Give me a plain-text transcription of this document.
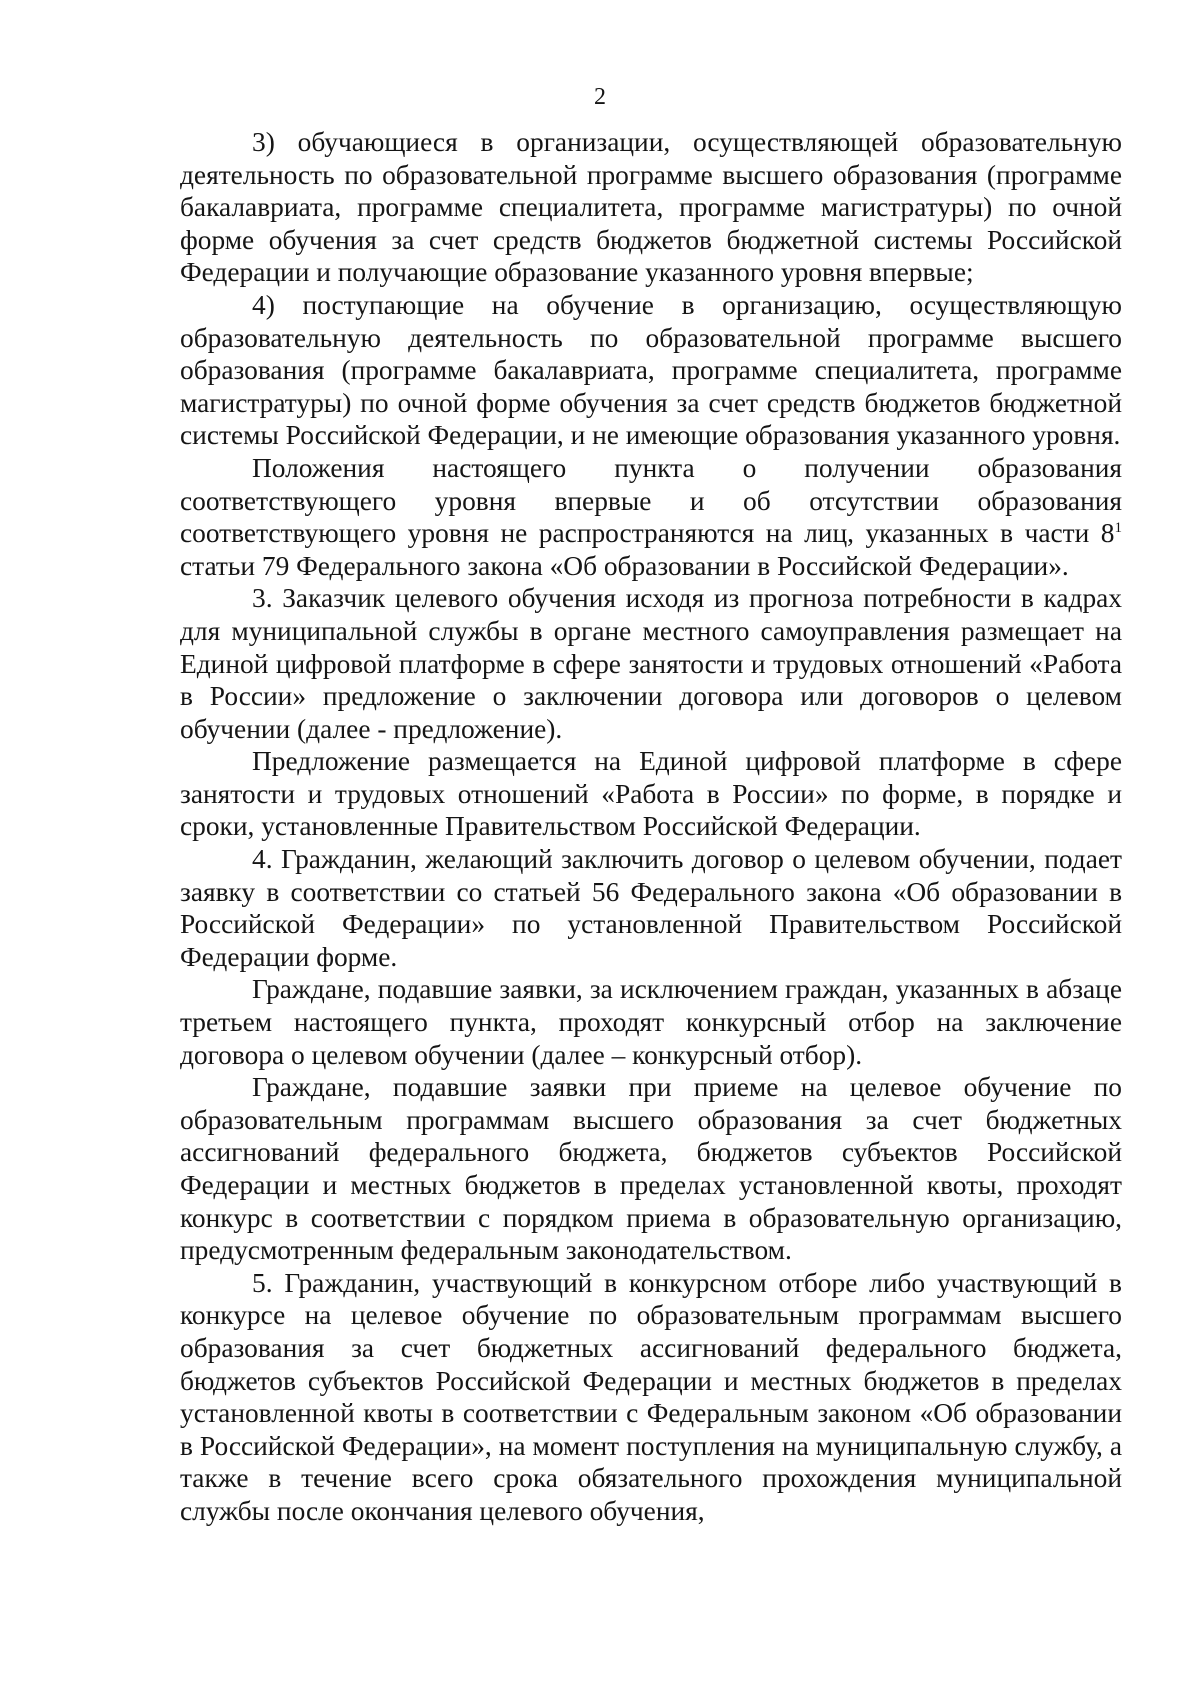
2

3) обучающиеся в организации, осуществляющей образовательную деятельность по образовательной программе высшего образования (программе бакалавриата, программе специалитета, программе магистратуры) по очной форме обучения за счет средств бюджетов бюджетной системы Российской Федерации и получающие образование указанного уровня впервые;

4) поступающие на обучение в организацию, осуществляющую образовательную деятельность по образовательной программе высшего образования (программе бакалавриата, программе специалитета, программе магистратуры) по очной форме обучения за счет средств бюджетов бюджетной системы Российской Федерации, и не имеющие образования указанного уровня.

Положения настоящего пункта о получении образования соответствующего уровня впервые и об отсутствии образования соответствующего уровня не распространяются на лиц, указанных в части $8^1$ статьи 79 Федерального закона «Об образовании в Российской Федерации».

3. Заказчик целевого обучения исходя из прогноза потребности в кадрах для муниципальной службы в органе местного самоуправления размещает на Единой цифровой платформе в сфере занятости и трудовых отношений «Работа в России» предложение о заключении договора или договоров о целевом обучении (далее - предложение).

Предложение размещается на Единой цифровой платформе в сфере занятости и трудовых отношений «Работа в России» по форме, в порядке и сроки, установленные Правительством Российской Федерации.

4. Гражданин, желающий заключить договор о целевом обучении, подает заявку в соответствии со статьей 56 Федерального закона «Об образовании в Российской Федерации» по установленной Правительством Российской Федерации форме.

Граждане, подавшие заявки, за исключением граждан, указанных в абзаце третьем настоящего пункта, проходят конкурсный отбор на заключение договора о целевом обучении (далее – конкурсный отбор).

Граждане, подавшие заявки при приеме на целевое обучение по образовательным программам высшего образования за счет бюджетных ассигнований федерального бюджета, бюджетов субъектов Российской Федерации и местных бюджетов в пределах установленной квоты, проходят конкурс в соответствии с порядком приема в образовательную организацию, предусмотренным федеральным законодательством.

5. Гражданин, участвующий в конкурсном отборе либо участвующий в конкурсе на целевое обучение по образовательным программам высшего образования за счет бюджетных ассигнований федерального бюджета, бюджетов субъектов Российской Федерации и местных бюджетов в пределах установленной квоты в соответствии с Федеральным законом «Об образовании в Российской Федерации», на момент поступления на муниципальную службу, а также в течение всего срока обязательного прохождения муниципальной службы после окончания целевого обучения,
